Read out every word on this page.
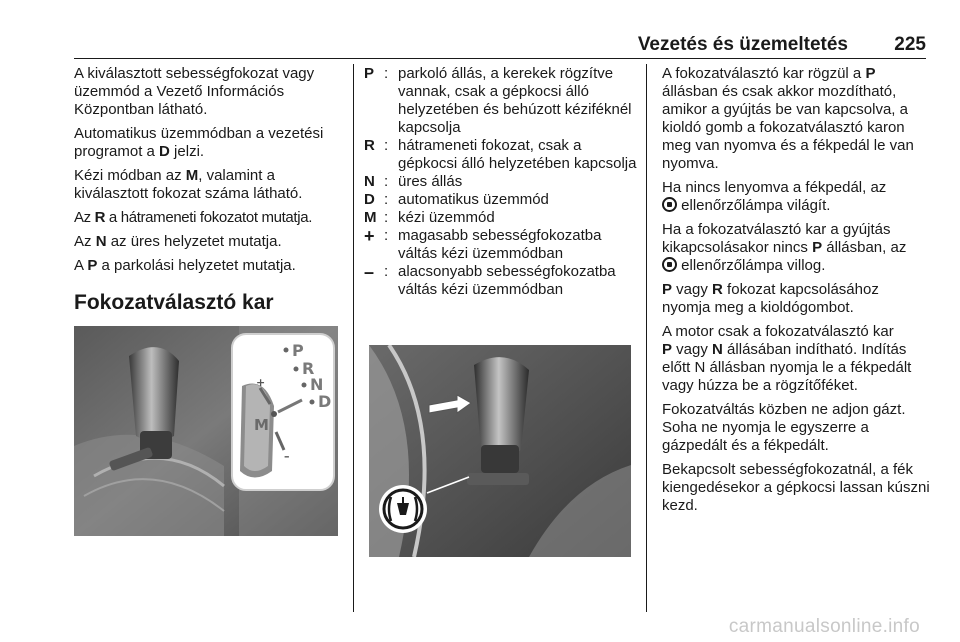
Vezetés és üzemeltetés 225

A kiválasztott sebességfokozat vagy üzemmód a Vezető Információs Központban látható.

Automatikus üzemmódban a vezetési programot a D jelzi.

Kézi módban az M, valamint a kiválasztott fokozat száma látható.

Az R a hátrameneti fokozatot mutatja.

Az N az üres helyzetet mutatja.

A P a parkolási helyzetet mutatja.

Fokozatválasztó kar
P
R
N
D
M
+
–
P : parkoló állás, a kerekek rögzítve vannak, csak a gépkocsi álló helyzetében és behúzott kéziféknél kapcsolja
R : hátrameneti fokozat, csak a gépkocsi álló helyzetében kapcsolja
N : üres állás
D : automatikus üzemmód
M : kézi üzemmód
+ : magasabb sebességfokozatba váltás kézi üzemmódban
– : alacsonyabb sebességfokozatba váltás kézi üzemmódban

A fokozatválasztó kar rögzül a P állásban és csak akkor mozdítható, amikor a gyújtás be van kapcsolva, a kioldó gomb a fokozatválasztó karon meg van nyomva és a fékpedál le van nyomva.

Ha nincs lenyomva a fékpedál, az

ellenőrzőlámpa világít.

Ha a fokozatválasztó kar a gyújtás kikapcsolásakor nincs P állásban, az

ellenőrzőlámpa villog.

P vagy R fokozat kapcsolásához nyomja meg a kioldógombot.

A motor csak a fokozatválasztó kar
P vagy N állásában indítható. Indítás előtt N állásban nyomja le a fékpedált vagy húzza be a rögzítőféket.

Fokozatváltás közben ne adjon gázt. Soha ne nyomja le egyszerre a gázpedált és a fékpedált.

Bekapcsolt sebességfokozatnál, a fék kiengedésekor a gépkocsi lassan kúszni kezd.

carmanualsonline.info
